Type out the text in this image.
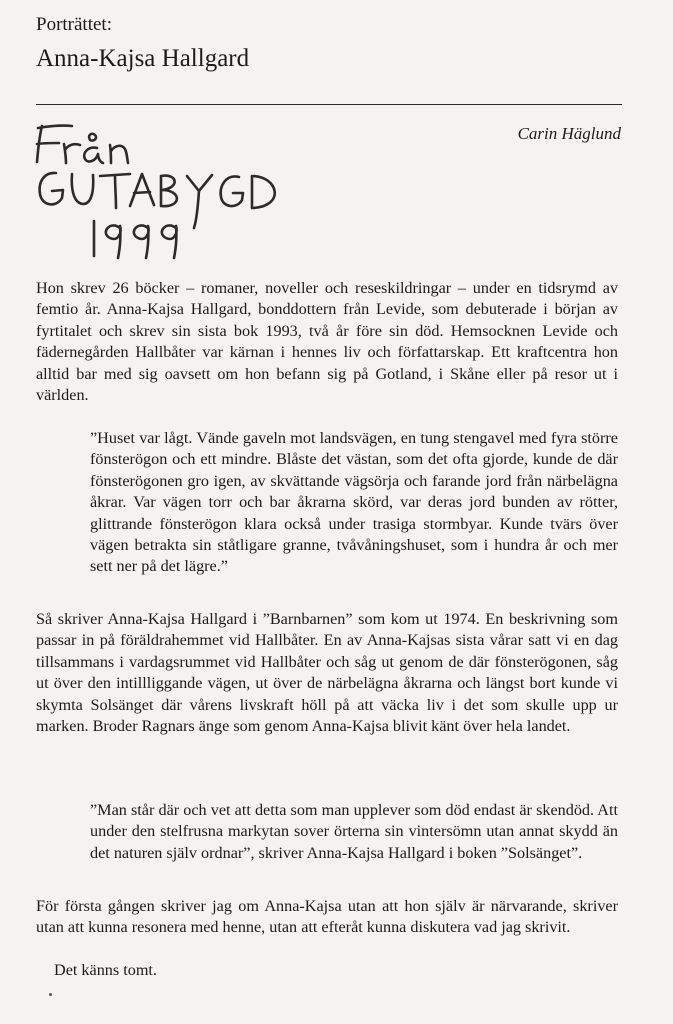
Porträttet:
Anna-Kajsa Hallgard
Carin Häglund
Hon skrev 26 böcker – romaner, noveller och reseskildringar – under en tidsrymd av femtio år. Anna-Kajsa Hallgard, bonddottern från Levide, som debuterade i början av fyrtitalet och skrev sin sista bok 1993, två år före sin död. Hemsocknen Levide och fädernegården Hallbåter var kärnan i hennes liv och författarskap. Ett kraftcentra hon alltid bar med sig oavsett om hon befann sig på Gotland, i Skåne eller på resor ut i världen.
”Huset var lågt. Vände gaveln mot landsvägen, en tung stengavel med fyra större fönsterögon och ett mindre. Blåste det västan, som det ofta gjorde, kunde de där fönsterögonen gro igen, av skvättande vägsörja och farande jord från närbelägna åkrar. Var vägen torr och bar åkrarna skörd, var deras jord bunden av rötter, glittrande fönsterögon klara också under trasiga stormbyar. Kunde tvärs över vägen betrakta sin ståtligare granne, tvåvåningshuset, som i hundra år och mer sett ner på det lägre.”
Så skriver Anna-Kajsa Hallgard i ”Barnbarnen” som kom ut 1974. En beskrivning som passar in på föräldrahemmet vid Hallbåter. En av Anna-Kajsas sista vårar satt vi en dag tillsammans i vardagsrummet vid Hallbåter och såg ut genom de där fönsterögonen, såg ut över den intillliggande vägen, ut över de närbelägna åkrarna och längst bort kunde vi skymta Solsänget där vårens livskraft höll på att väcka liv i det som skulle upp ur marken. Broder Ragnars änge som genom Anna-Kajsa blivit känt över hela landet.
”Man står där och vet att detta som man upplever som död endast är skendöd. Att under den stelfrusna markytan sover örterna sin vintersömn utan annat skydd än det naturen själv ordnar”, skriver Anna-Kajsa Hallgard i boken ”Solsänget”.
För första gången skriver jag om Anna-Kajsa utan att hon själv är närvarande, skriver utan att kunna resonera med henne, utan att efteråt kunna diskutera vad jag skrivit.
Det känns tomt.
